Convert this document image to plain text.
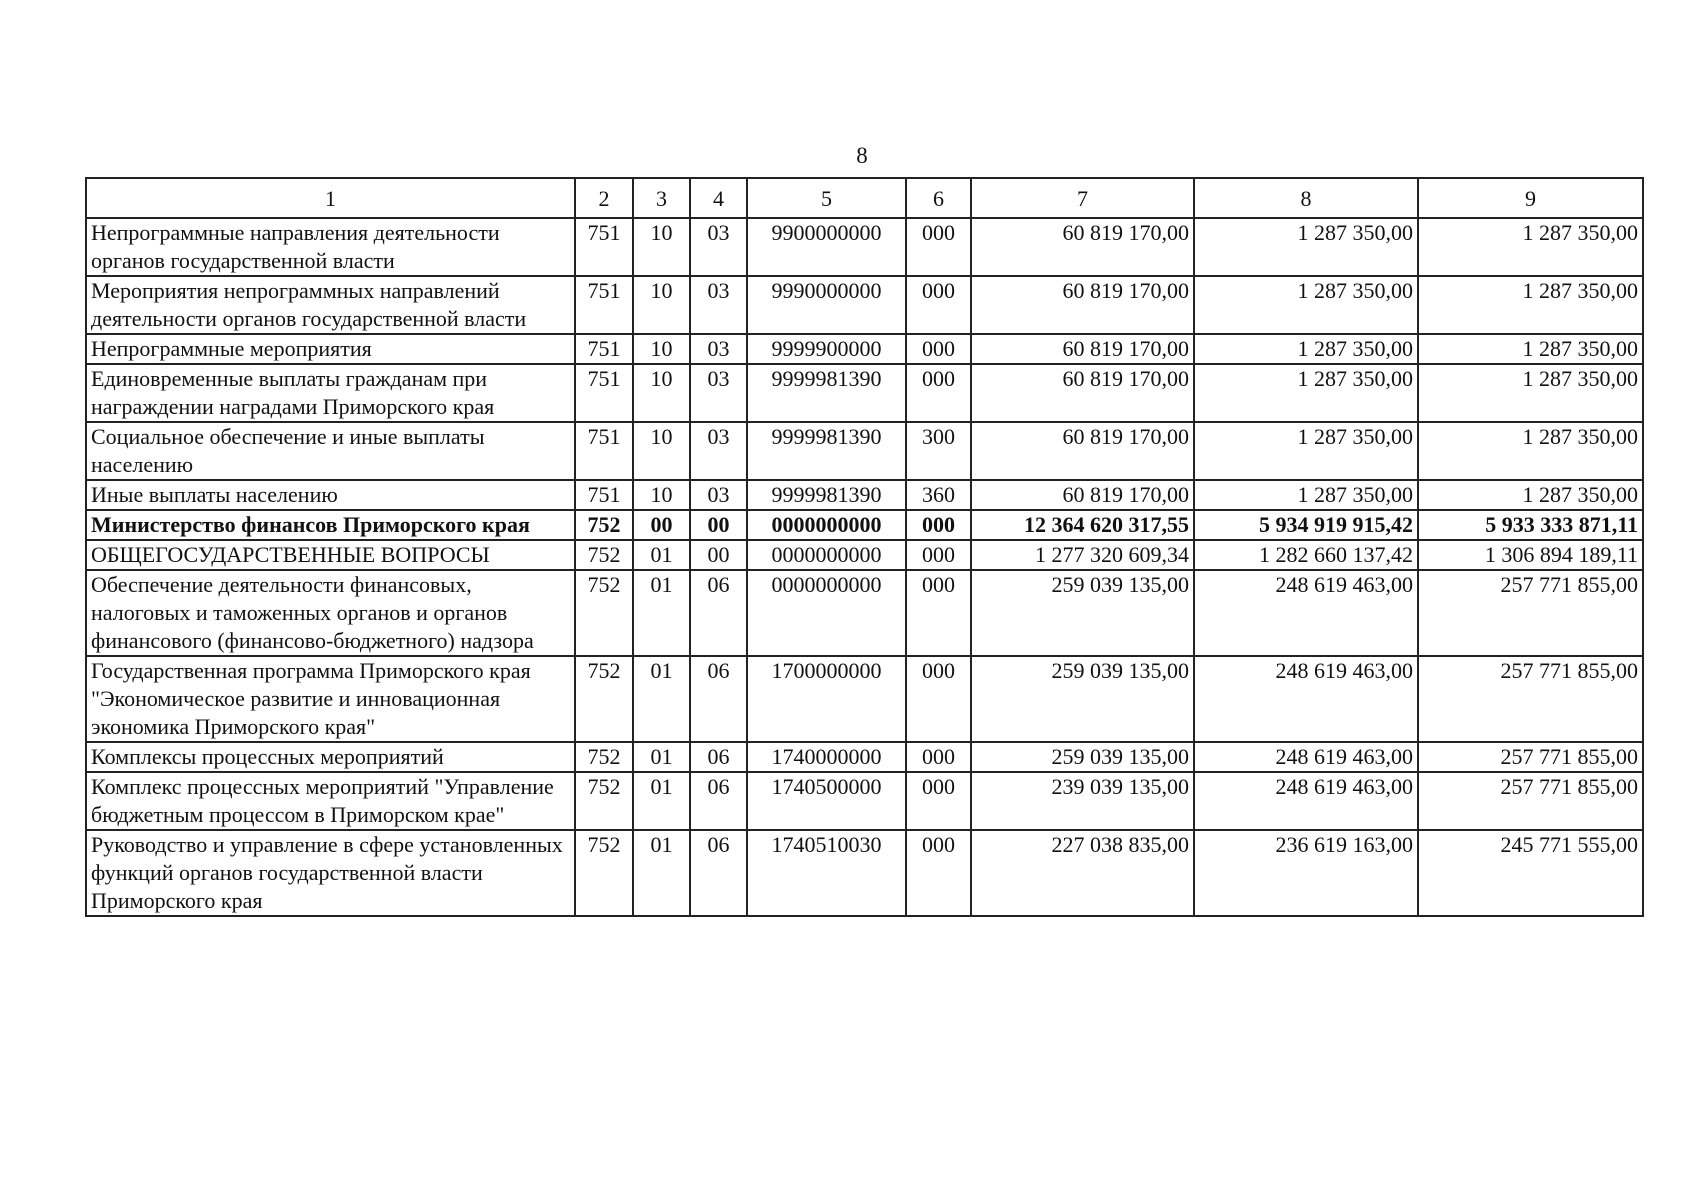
8
1	2	3	4	5	6	7	8	9
Непрограммные направления деятельности органов государственной власти	751	10	03	9900000000	000	60 819 170,00	1 287 350,00	1 287 350,00
Мероприятия непрограммных направлений деятельности органов государственной власти	751	10	03	9990000000	000	60 819 170,00	1 287 350,00	1 287 350,00
Непрограммные мероприятия	751	10	03	9999900000	000	60 819 170,00	1 287 350,00	1 287 350,00
Единовременные выплаты гражданам при награждении наградами Приморского края	751	10	03	9999981390	000	60 819 170,00	1 287 350,00	1 287 350,00
Социальное обеспечение и иные выплаты населению	751	10	03	9999981390	300	60 819 170,00	1 287 350,00	1 287 350,00
Иные выплаты населению	751	10	03	9999981390	360	60 819 170,00	1 287 350,00	1 287 350,00
Министерство финансов Приморского края	752	00	00	0000000000	000	12 364 620 317,55	5 934 919 915,42	5 933 333 871,11
ОБЩЕГОСУДАРСТВЕННЫЕ ВОПРОСЫ	752	01	00	0000000000	000	1 277 320 609,34	1 282 660 137,42	1 306 894 189,11
Обеспечение деятельности финансовых, налоговых и таможенных органов и органов финансового (финансово-бюджетного) надзора	752	01	06	0000000000	000	259 039 135,00	248 619 463,00	257 771 855,00
Государственная программа Приморского края "Экономическое развитие и инновационная экономика Приморского края"	752	01	06	1700000000	000	259 039 135,00	248 619 463,00	257 771 855,00
Комплексы процессных мероприятий	752	01	06	1740000000	000	259 039 135,00	248 619 463,00	257 771 855,00
Комплекс процессных мероприятий "Управление бюджетным процессом в Приморском крае"	752	01	06	1740500000	000	239 039 135,00	248 619 463,00	257 771 855,00
Руководство и управление в сфере установленных функций органов государственной власти Приморского края	752	01	06	1740510030	000	227 038 835,00	236 619 163,00	245 771 555,00
